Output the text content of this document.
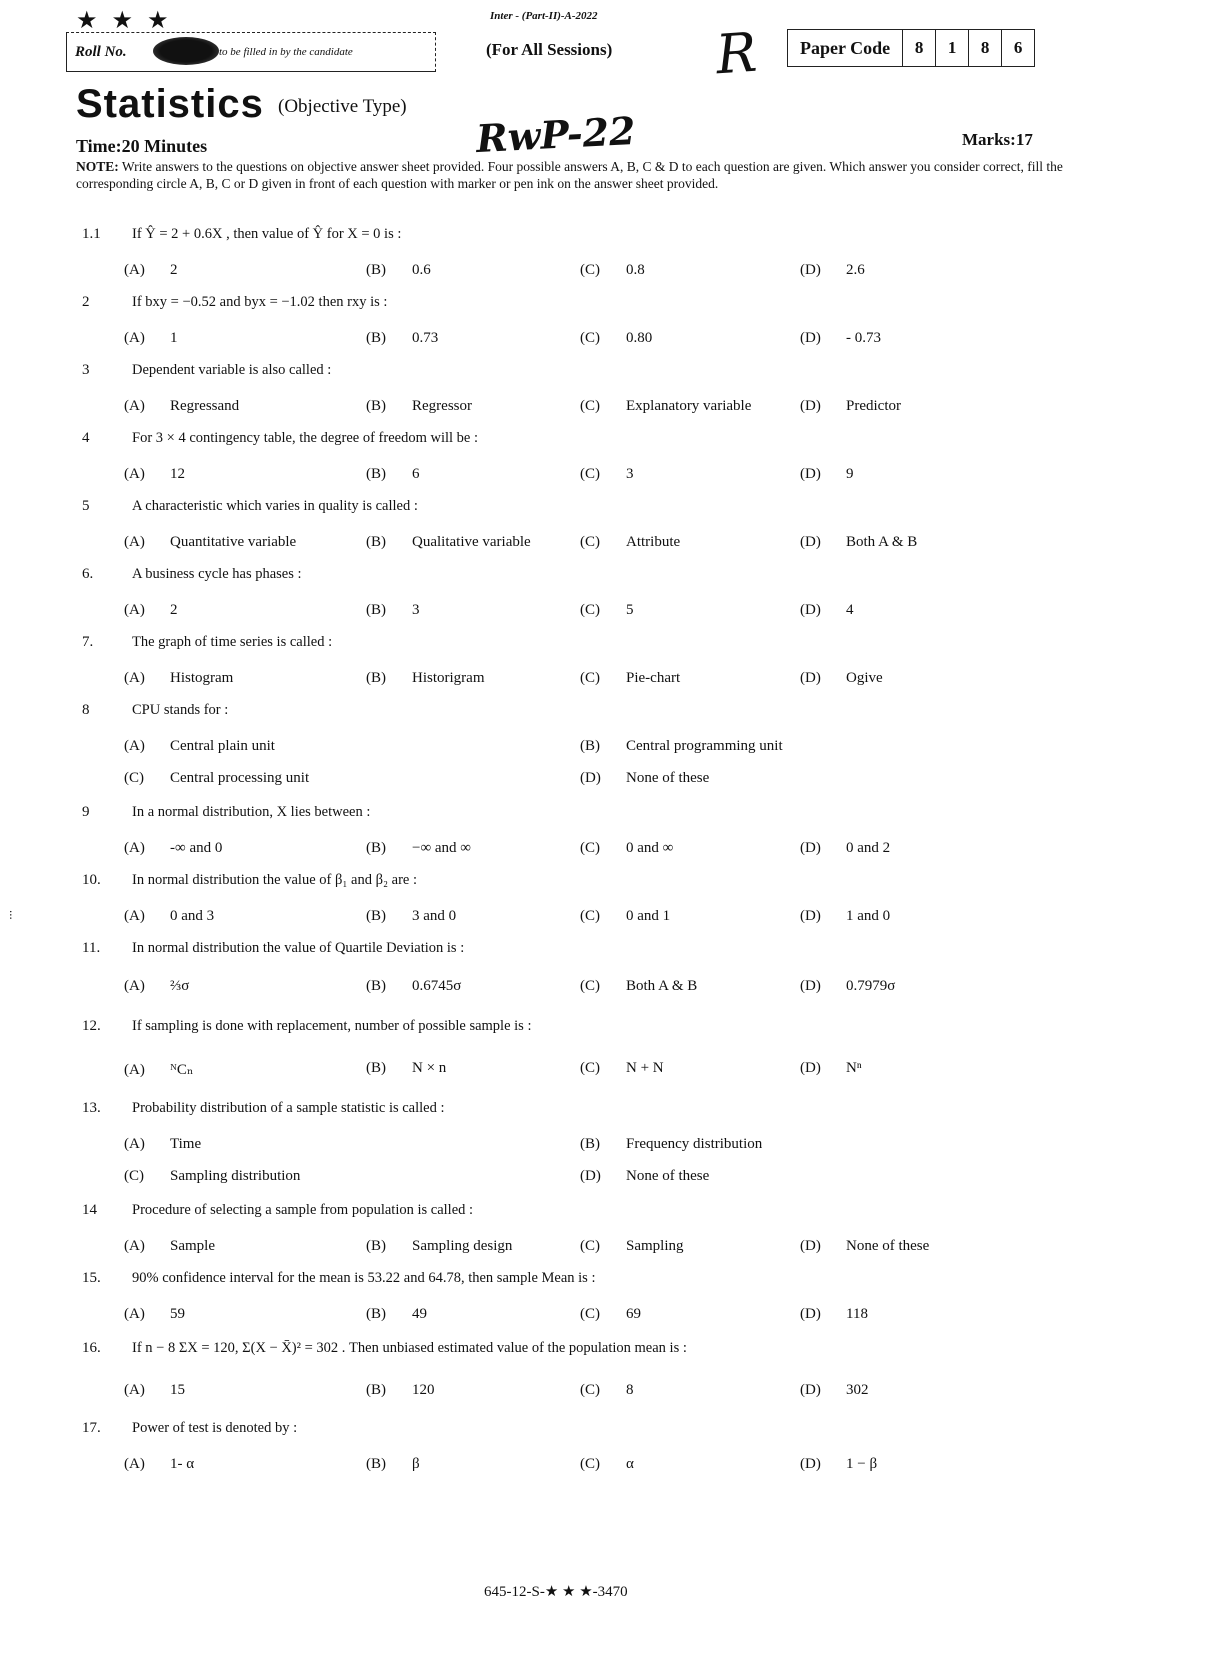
★ ★ ★	Inter - (Part-II)-A-2022
Roll No.	to be filled in by the candidate	(For All Sessions) R	Paper Code	8	1	8	6
Statistics (Objective Type)
RwP-22
Time:20 Minutes	Marks:17
NOTE: Write answers to the questions on objective answer sheet provided. Four possible answers A, B, C & D to each question are given. Which answer you consider correct, fill the corresponding circle A, B, C or D given in front of each question with marker or pen ink on the answer sheet provided.
1.1 If Ŷ = 2 + 0.6X , then value of Ŷ for X = 0 is :
(A) 2	(B) 0.6	(C) 0.8	(D) 2.6
2	If bxy = −0.52 and byx = −1.02 then rxy is :
(A) 1	(B) 0.73	(C) 0.80	(D) - 0.73
3	Dependent variable is also called :
(A) Regressand	(B) Regressor	(C) Explanatory variable	(D) Predictor
4	For 3 × 4 contingency table, the degree of freedom will be :
(A) 12	(B) 6	(C) 3	(D) 9
5	A characteristic which varies in quality is called :
(A) Quantitative variable	(B) Qualitative variable	(C) Attribute	(D) Both A & B
6.	A business cycle has phases :
(A) 2	(B) 3	(C) 5	(D) 4
7.	The graph of time series is called :
(A) Histogram	(B) Historigram	(C) Pie-chart	(D) Ogive
8	CPU stands for :
(A) Central plain unit	(B) Central programming unit
(C) Central processing unit	(D) None of these
9	In a normal distribution, X lies between :
(A) -∞ and 0	(B) −∞ and ∞	(C) 0 and ∞	(D) 0 and 2
10. In normal distribution the value of β₁ and β₂ are :
(A) 0 and 3	(B) 3 and 0	(C) 0 and 1	(D) 1 and 0
11. In normal distribution the value of Quartile Deviation is :
(A) ⅔σ	(B) 0.6745σ	(C) Both A & B	(D) 0.7979σ
12. If sampling is done with replacement, number of possible sample is :
(A) ᴺCₙ	(B) N × n	(C) N + N	(D) Nⁿ
13. Probability distribution of a sample statistic is called :
(A) Time	(B) Frequency distribution
(C) Sampling distribution	(D) None of these
14 Procedure of selecting a sample from population is called :
(A) Sample	(B) Sampling design	(C) Sampling	(D) None of these
15. 90% confidence interval for the mean is 53.22 and 64.78, then sample Mean is :
(A) 59	(B) 49	(C) 69	(D) 118
16. If n − 8 ΣX = 120, Σ(X − X̄)² = 302 . Then unbiased estimated value of the population mean is :
(A) 15	(B) 120	(C) 8	(D) 302
17. Power of test is denoted by :
(A) 1- α	(B) β	(C) α	(D) 1 − β
645-12-S-★ ★ ★-3470
...
